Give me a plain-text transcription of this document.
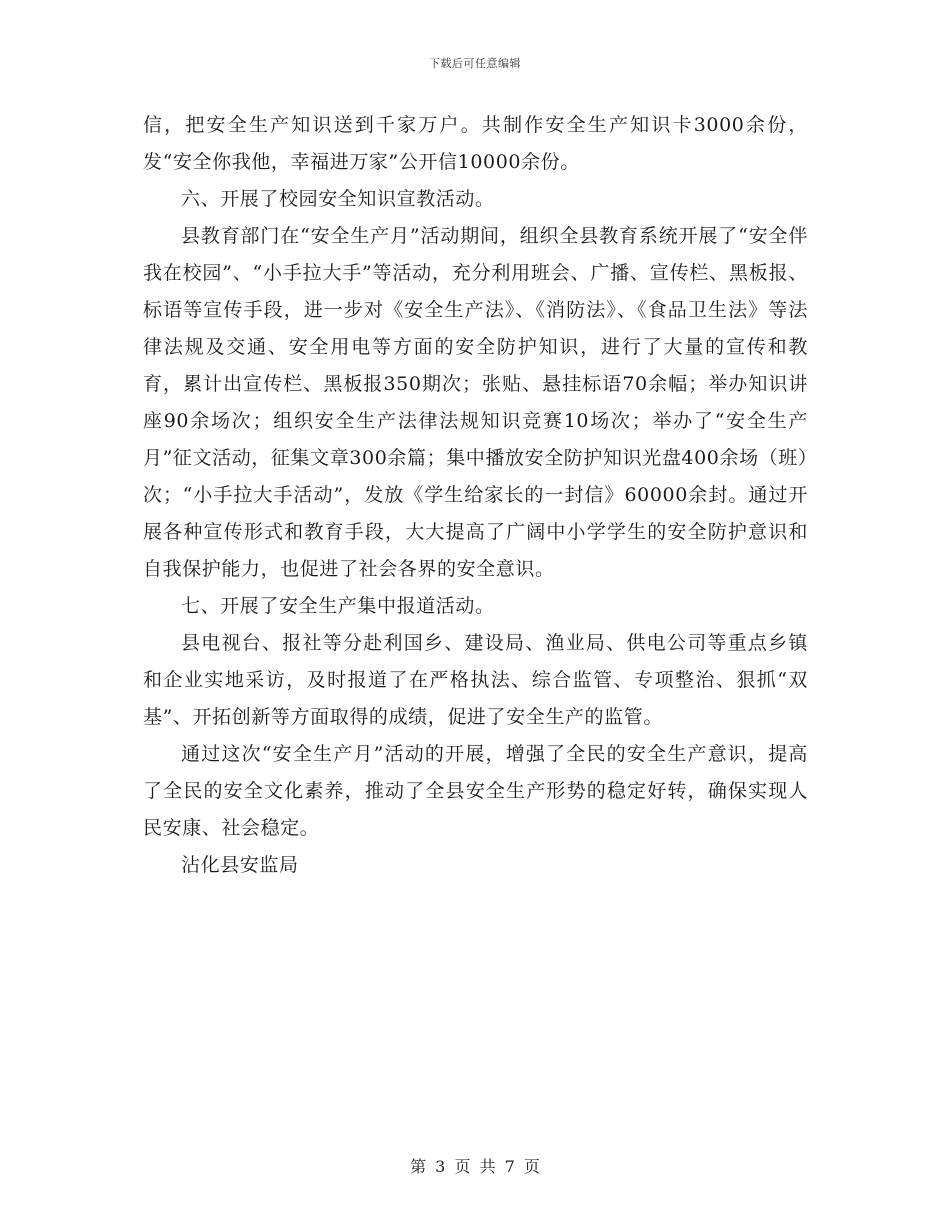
下载后可任意编辑

信，把安全生产知识送到千家万户。共制作安全生产知识卡3000余份，发“安全你我他，幸福进万家”公开信10000余份。

六、开展了校园安全知识宣教活动。

县教育部门在“安全生产月”活动期间，组织全县教育系统开展了“安全伴我在校园”、“小手拉大手”等活动，充分利用班会、广播、宣传栏、黑板报、标语等宣传手段，进一步对《安全生产法》、《消防法》、《食品卫生法》等法律法规及交通、安全用电等方面的安全防护知识，进行了大量的宣传和教育，累计出宣传栏、黑板报350期次；张贴、悬挂标语70余幅；举办知识讲座90余场次；组织安全生产法律法规知识竞赛10场次；举办了“安全生产月”征文活动，征集文章300余篇；集中播放安全防护知识光盘400余场（班）次；“小手拉大手活动”，发放《学生给家长的一封信》60000余封。通过开展各种宣传形式和教育手段，大大提高了广阔中小学学生的安全防护意识和自我保护能力，也促进了社会各界的安全意识。

七、开展了安全生产集中报道活动。

县电视台、报社等分赴利国乡、建设局、渔业局、供电公司等重点乡镇和企业实地采访，及时报道了在严格执法、综合监管、专项整治、狠抓“双基”、开拓创新等方面取得的成绩，促进了安全生产的监管。

通过这次“安全生产月”活动的开展，增强了全民的安全生产意识，提高了全民的安全文化素养，推动了全县安全生产形势的稳定好转，确保实现人民安康、社会稳定。

沾化县安监局

第 3 页 共 7 页
